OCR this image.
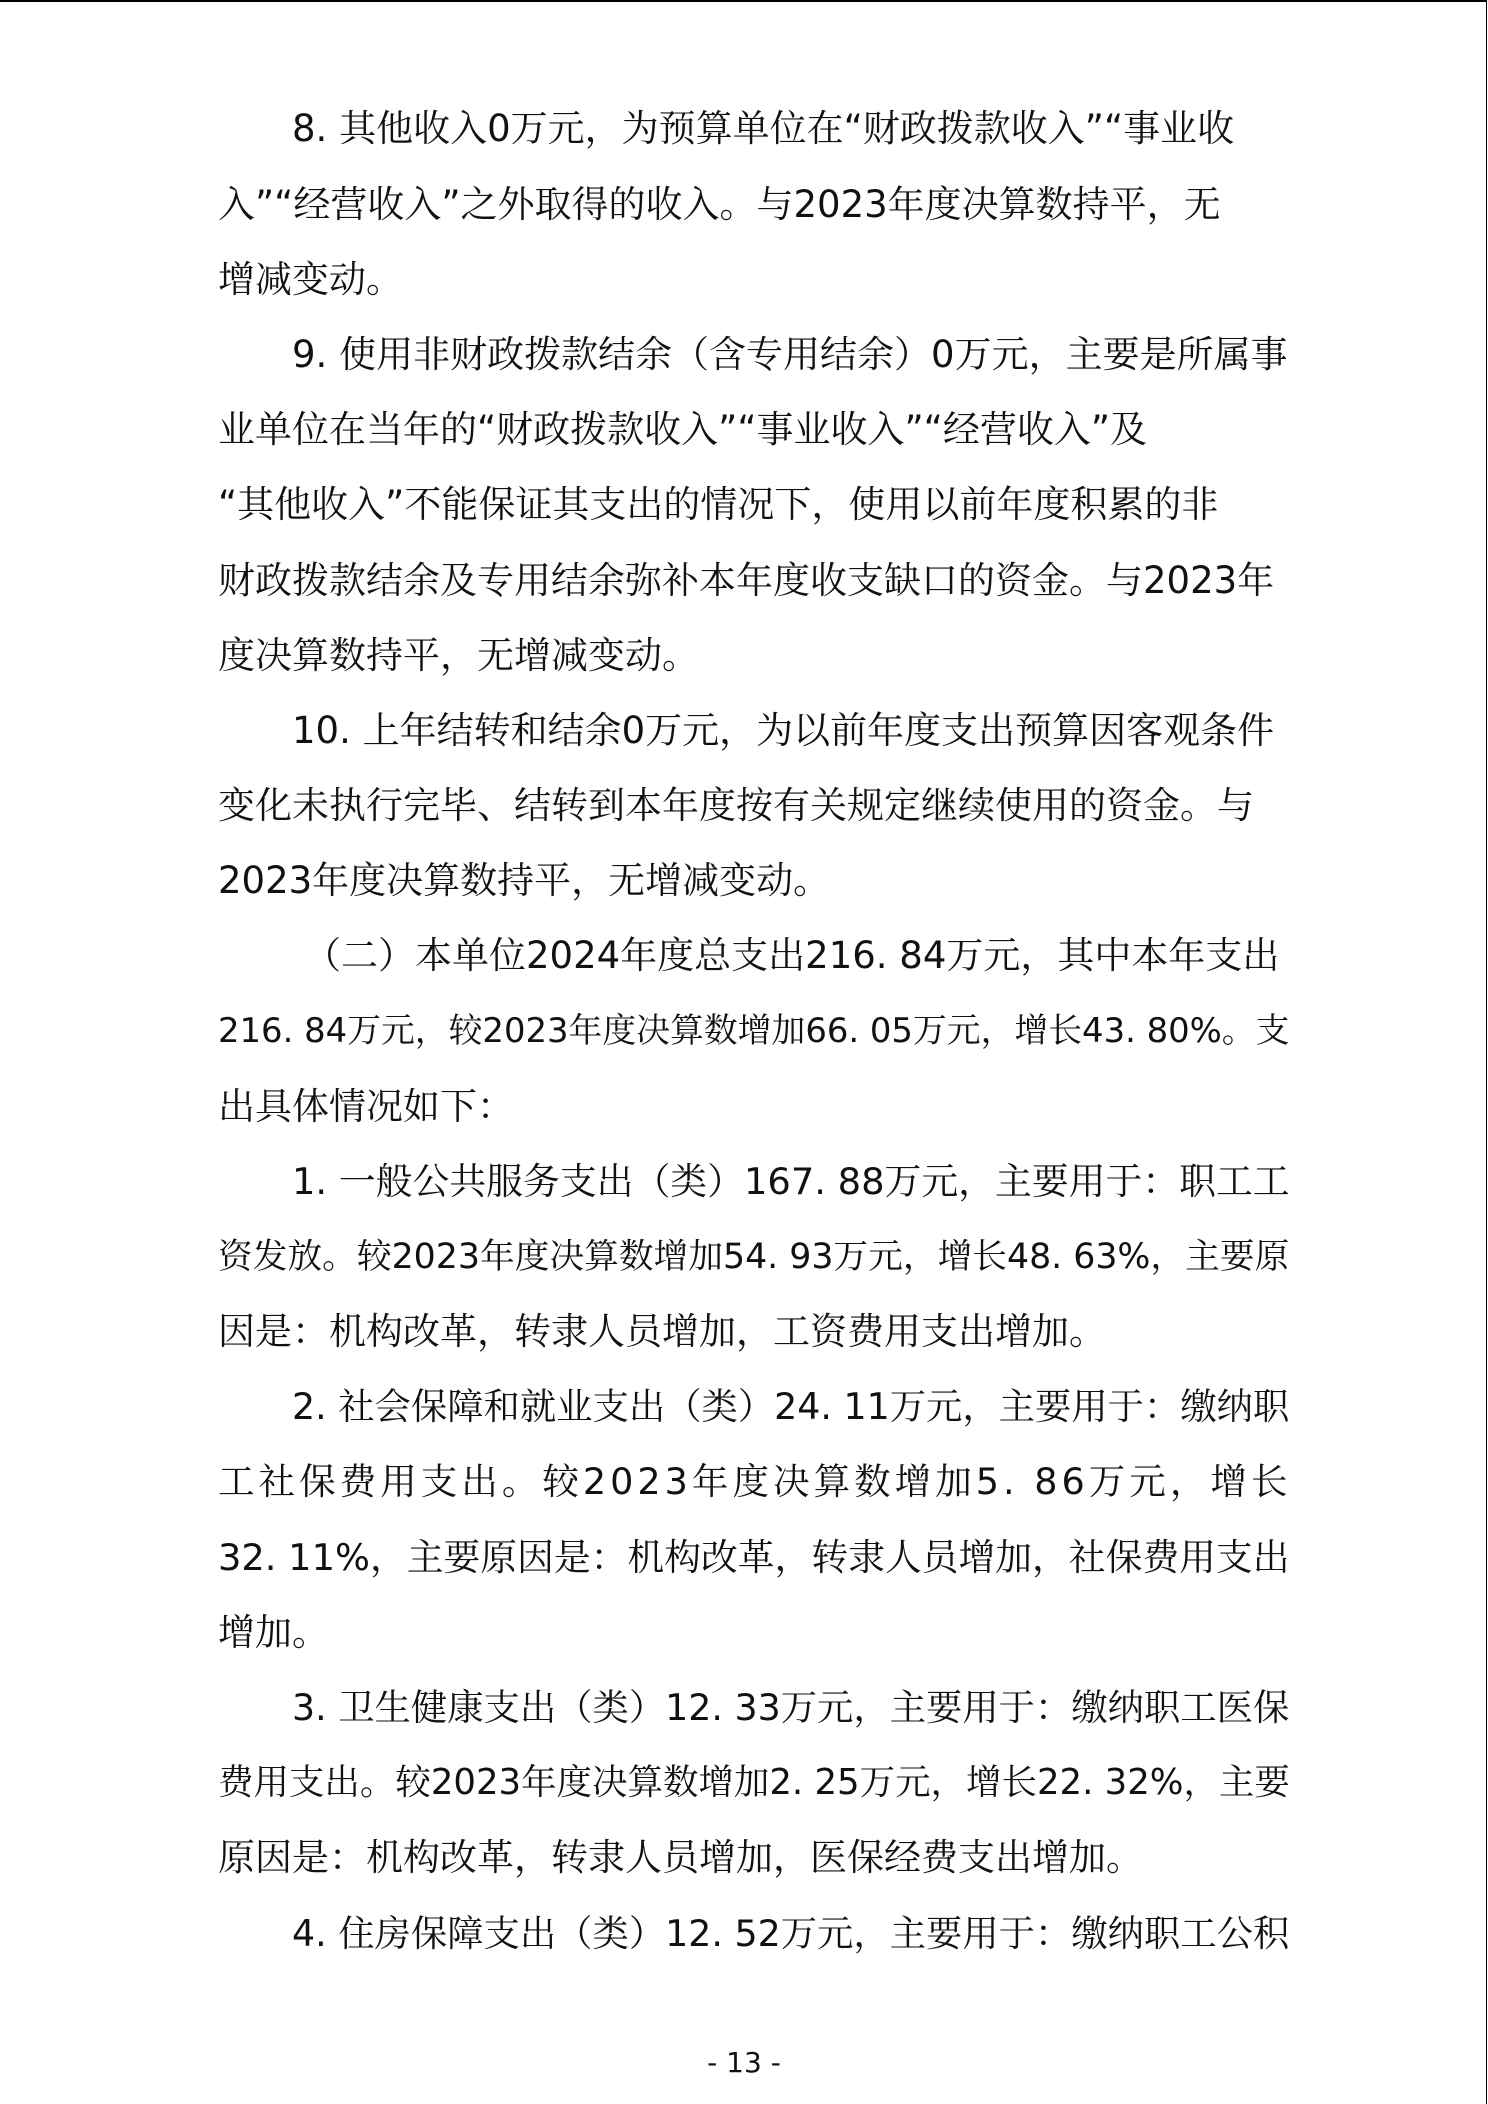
8. 其他收入0万元，为预算单位在“财政拨款收入”“事业收
入”“经营收入”之外取得的收入。与2023年度决算数持平，无
增减变动。
9. 使用非财政拨款结余（含专用结余）0万元，主要是所属事
业单位在当年的“财政拨款收入”“事业收入”“经营收入”及
“其他收入”不能保证其支出的情况下，使用以前年度积累的非
财政拨款结余及专用结余弥补本年度收支缺口的资金。与2023年
度决算数持平，无增减变动。
10. 上年结转和结余0万元，为以前年度支出预算因客观条件
变化未执行完毕、结转到本年度按有关规定继续使用的资金。与
2023年度决算数持平，无增减变动。
（二）本单位2024年度总支出216. 84万元，其中本年支出
216. 84万元，较2023年度决算数增加66. 05万元，增长43. 80%。支
出具体情况如下：
1. 一般公共服务支出（类）167. 88万元，主要用于：职工工
资发放。较2023年度决算数增加54. 93万元，增长48. 63%，主要原
因是：机构改革，转隶人员增加，工资费用支出增加。
2. 社会保障和就业支出（类）24. 11万元，主要用于：缴纳职
工社保费用支出。较2023年度决算数增加5. 86万元，增长
32. 11%，主要原因是：机构改革，转隶人员增加，社保费用支出
增加。
3. 卫生健康支出（类）12. 33万元，主要用于：缴纳职工医保
费用支出。较2023年度决算数增加2. 25万元，增长22. 32%，主要
原因是：机构改革，转隶人员增加，医保经费支出增加。
4. 住房保障支出（类）12. 52万元，主要用于：缴纳职工公积
- 13 -
